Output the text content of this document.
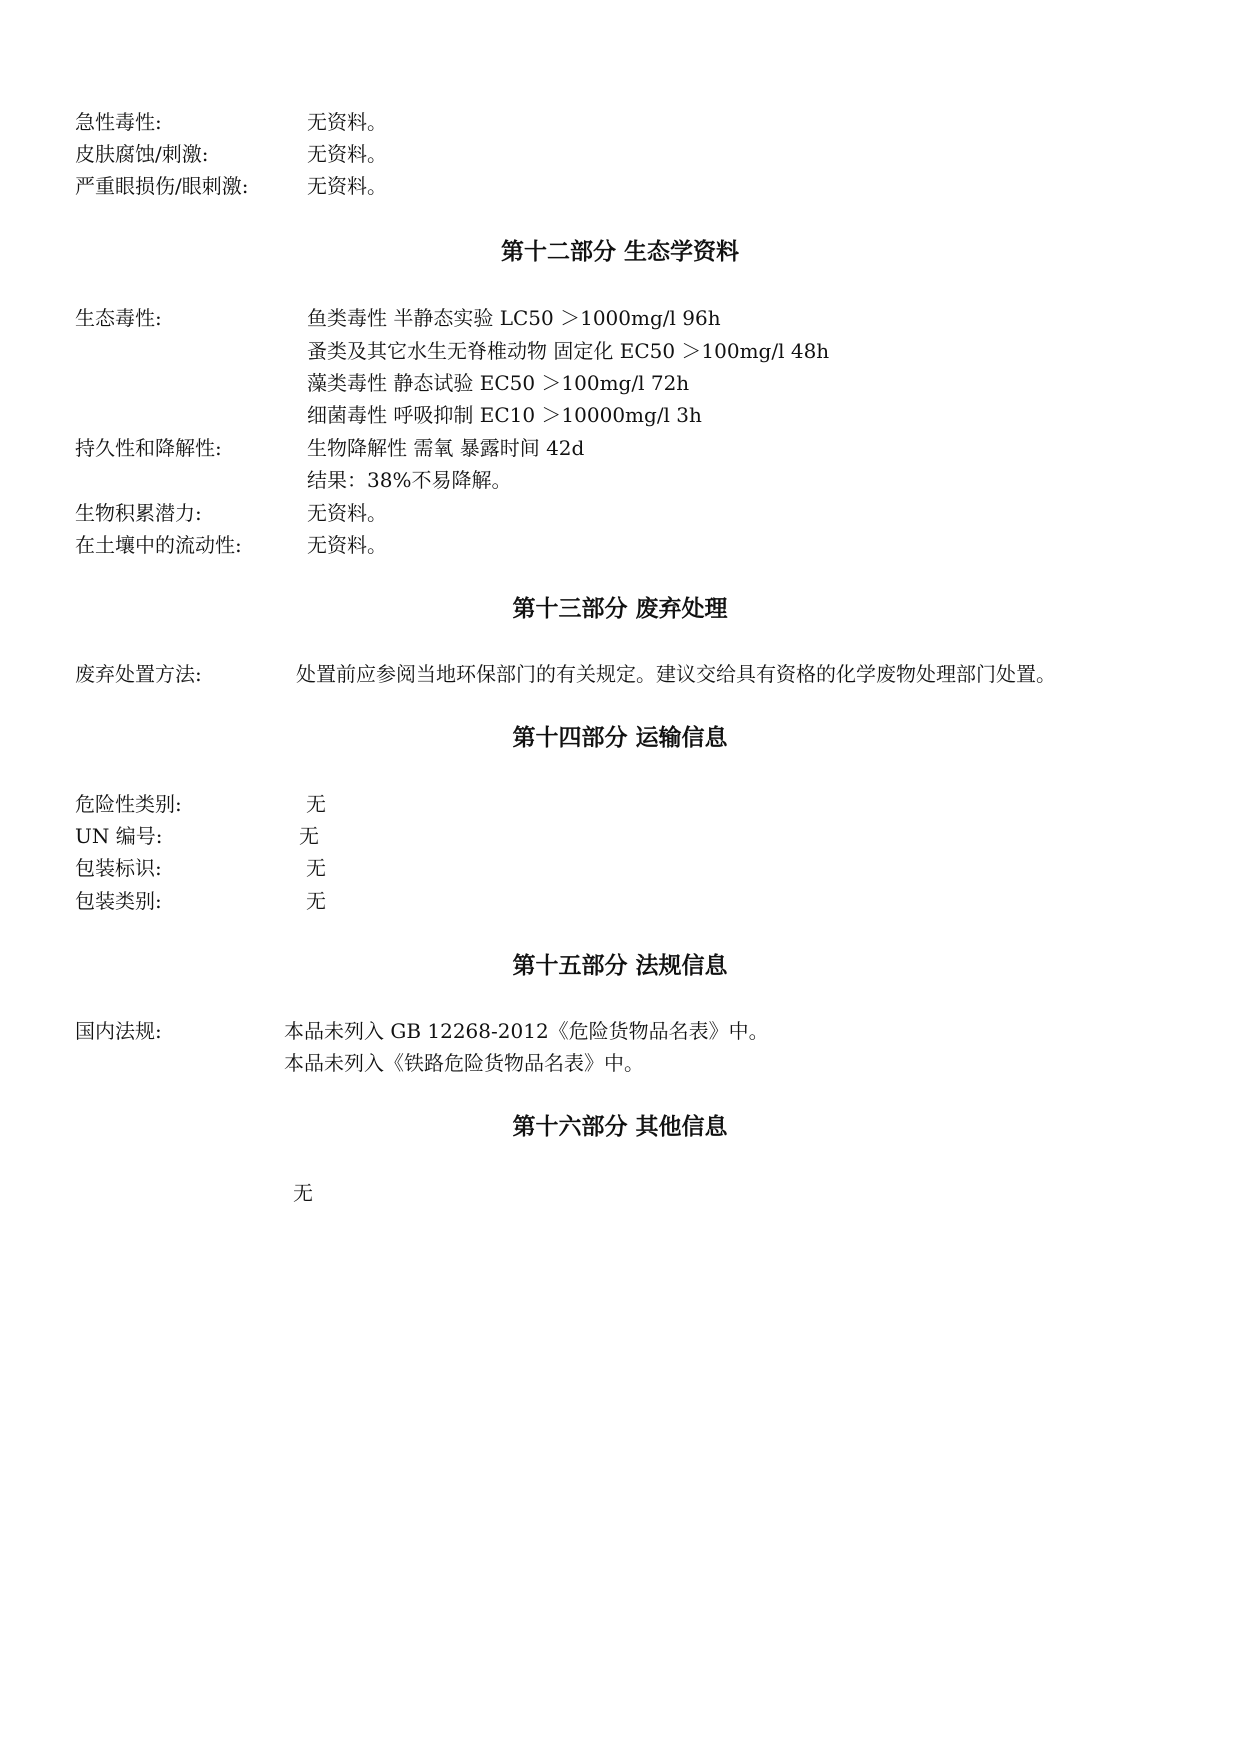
急性毒性:	无资料。
皮肤腐蚀/刺激:	无资料。
严重眼损伤/眼刺激:	无资料。
第十二部分 生态学资料
生态毒性:	鱼类毒性 半静态实验 LC50 ＞1000mg/l 96h
蚤类及其它水生无脊椎动物 固定化 EC50 ＞100mg/l 48h
藻类毒性 静态试验 EC50 ＞100mg/l 72h
细菌毒性 呼吸抑制 EC10 ＞10000mg/l 3h
持久性和降解性:	生物降解性 需氧 暴露时间 42d
结果：38%不易降解。
生物积累潜力:	无资料。
在土壤中的流动性:	无资料。
第十三部分 废弃处理
废弃处置方法:	处置前应参阅当地环保部门的有关规定。建议交给具有资格的化学废物处理部门处置。
第十四部分 运输信息
危险性类别:	无
UN 编号:	无
包装标识:	无
包装类别:	无
第十五部分 法规信息
国内法规:	本品未列入 GB 12268-2012《危险货物品名表》中。
本品未列入《铁路危险货物品名表》中。
第十六部分 其他信息
无
